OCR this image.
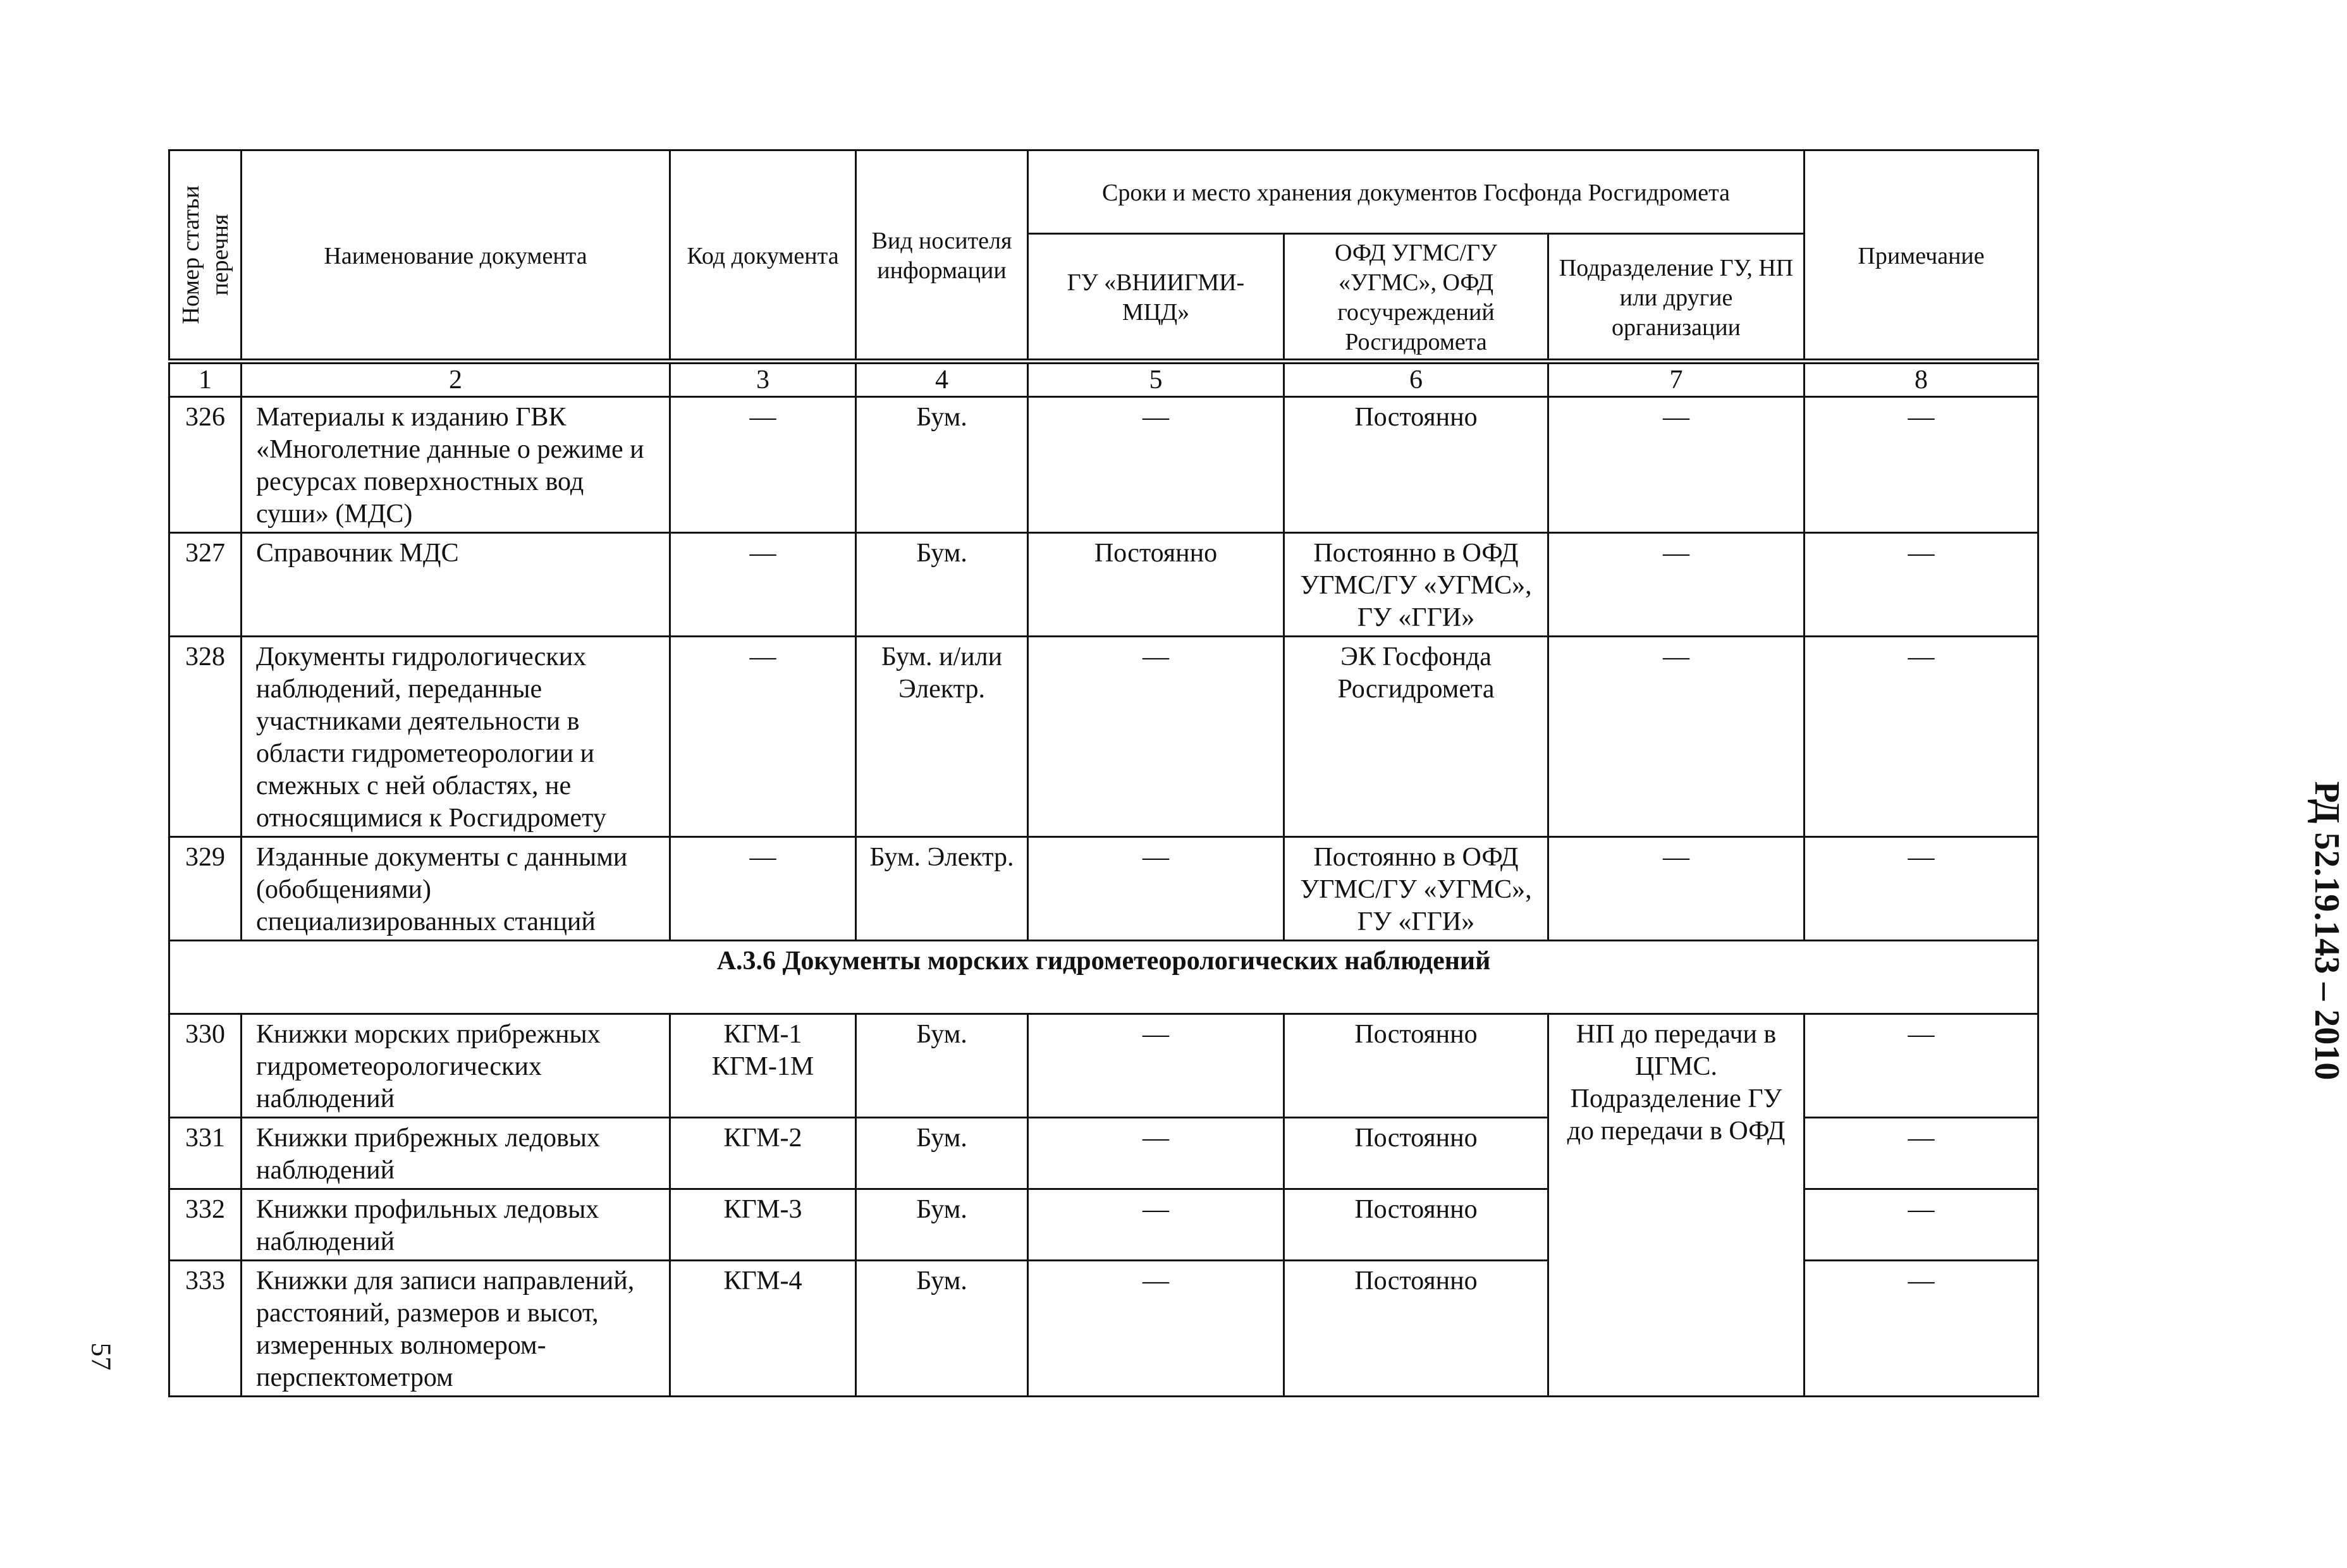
Номер статьи перечня	Наименование документа	Код документа	Вид носителя информации	Сроки и место хранения документов Госфонда Росгидромета			Примечание
				ГУ «ВНИИГМИ-МЦД»	ОФД УГМС/ГУ «УГМС», ОФД госучреждений Росгидромета	Подразделение ГУ, НП или другие организации	
1	2	3	4	5	6	7	8
326	Материалы к изданию ГВК «Многолетние данные о режиме и ресурсах поверхностных вод суши» (МДС)	—	Бум.	—	Постоянно	—	—
327	Справочник МДС	—	Бум.	Постоянно	Постоянно в ОФД УГМС/ГУ «УГМС», ГУ «ГГИ»	—	—
328	Документы гидрологических наблюдений, переданные участниками деятельности в области гидрометеорологии и смежных с ней областях, не относящимися к Росгидромету	—	Бум. и/или Электр.	—	ЭК Госфонда Росгидромета	—	—
329	Изданные документы с данными (обобщениями) специализированных станций	—	Бум. Электр.	—	Постоянно в ОФД УГМС/ГУ «УГМС», ГУ «ГГИ»	—	—
А.3.6 Документы морских гидрометеорологических наблюдений							
330	Книжки морских прибрежных гидрометеорологических наблюдений	КГМ-1 КГМ-1М	Бум.	—	Постоянно	НП до передачи в ЦГМС. Подразделение ГУ до передачи в ОФД	—
331	Книжки прибрежных ледовых наблюдений	КГМ-2	Бум.	—	Постоянно		—
332	Книжки профильных ледовых наблюдений	КГМ-3	Бум.	—	Постоянно		—
333	Книжки для записи направлений, расстояний, размеров и высот, измеренных волномером-перспектометром	КГМ-4	Бум.	—	Постоянно		—
РД 52.19.143 – 2010
57
